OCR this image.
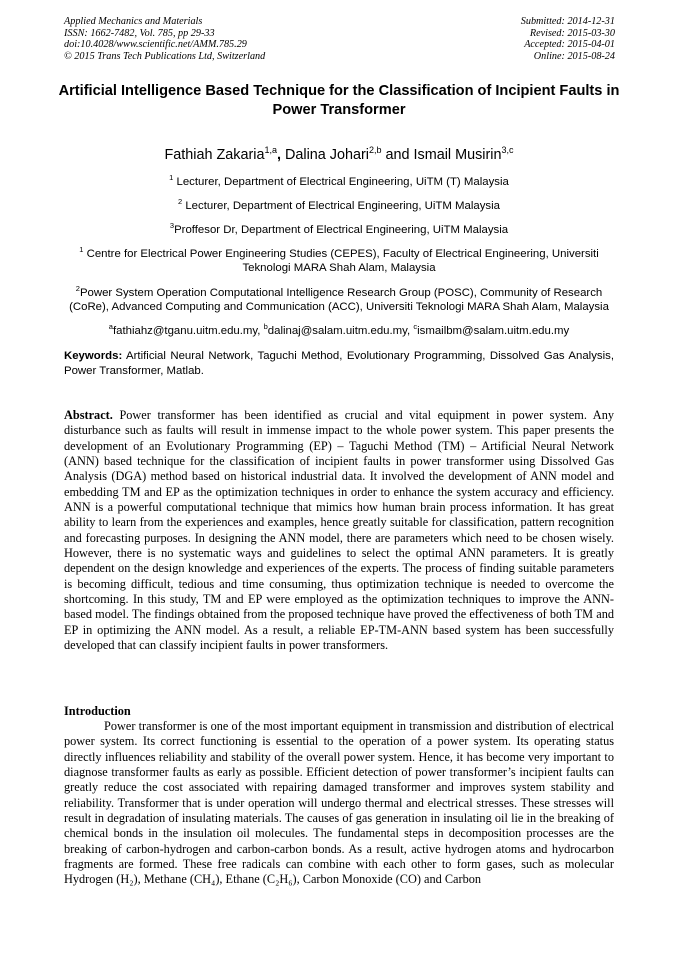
Applied Mechanics and Materials
ISSN: 1662-7482, Vol. 785, pp 29-33
doi:10.4028/www.scientific.net/AMM.785.29
© 2015 Trans Tech Publications Ltd, Switzerland
Submitted: 2014-12-31
Revised: 2015-03-30
Accepted: 2015-04-01
Online: 2015-08-24
Artificial Intelligence Based Technique for the Classification of Incipient Faults in Power Transformer
Fathiah Zakaria$^{1,a}$, Dalina Johari$^{2,b}$ and Ismail Musirin$^{3,c}$

$^1$ Lecturer, Department of Electrical Engineering, UiTM (T) Malaysia

$^2$ Lecturer, Department of Electrical Engineering, UiTM Malaysia

$^3$Proffesor Dr, Department of Electrical Engineering, UiTM Malaysia

$^1$ Centre for Electrical Power Engineering Studies (CEPES), Faculty of Electrical Engineering, Universiti Teknologi MARA Shah Alam, Malaysia

$^2$Power System Operation Computational Intelligence Research Group (POSC), Community of Research (CoRe), Advanced Computing and Communication (ACC), Universiti Teknologi MARA Shah Alam, Malaysia

$^a$fathiahz@tganu.uitm.edu.my, $^b$dalinaj@salam.uitm.edu.my, $^c$ismailbm@salam.uitm.edu.my

Keywords: Artificial Neural Network, Taguchi Method, Evolutionary Programming, Dissolved Gas Analysis, Power Transformer, Matlab.
Abstract. Power transformer has been identified as crucial and vital equipment in power system. Any disturbance such as faults will result in immense impact to the whole power system. This paper presents the development of an Evolutionary Programming (EP) – Taguchi Method (TM) – Artificial Neural Network (ANN) based technique for the classification of incipient faults in power transformer using Dissolved Gas Analysis (DGA) method based on historical industrial data. It involved the development of ANN model and embedding TM and EP as the optimization techniques in order to enhance the system accuracy and efficiency. ANN is a powerful computational technique that mimics how human brain process information. It has great ability to learn from the experiences and examples, hence greatly suitable for classification, pattern recognition and forecasting purposes. In designing the ANN model, there are parameters which need to be chosen wisely. However, there is no systematic ways and guidelines to select the optimal ANN parameters. It is greatly dependent on the design knowledge and experiences of the experts. The process of finding suitable parameters is becoming difficult, tedious and time consuming, thus optimization technique is needed to overcome the shortcoming. In this study, TM and EP were employed as the optimization techniques to improve the ANN-based model. The findings obtained from the proposed technique have proved the effectiveness of both TM and EP in optimizing the ANN model. As a result, a reliable EP-TM-ANN based system has been successfully developed that can classify incipient faults in power transformers.
Introduction
Power transformer is one of the most important equipment in transmission and distribution of electrical power system. Its correct functioning is essential to the operation of a power system. Its operating status directly influences reliability and stability of the overall power system. Hence, it has become very important to diagnose transformer faults as early as possible. Efficient detection of power transformer’s incipient faults can greatly reduce the cost associated with repairing damaged transformer and improves system stability and reliability. Transformer that is under operation will undergo thermal and electrical stresses. These stresses will result in degradation of insulating materials. The causes of gas generation in insulating oil lie in the breaking of chemical bonds in the insulation oil molecules. The fundamental steps in decomposition processes are the breaking of carbon-hydrogen and carbon-carbon bonds. As a result, active hydrogen atoms and hydrocarbon fragments are formed. These free radicals can combine with each other to form gases, such as molecular Hydrogen (H₂), Methane (CH₄), Ethane (C₂H₆), Carbon Monoxide (CO) and Carbon
